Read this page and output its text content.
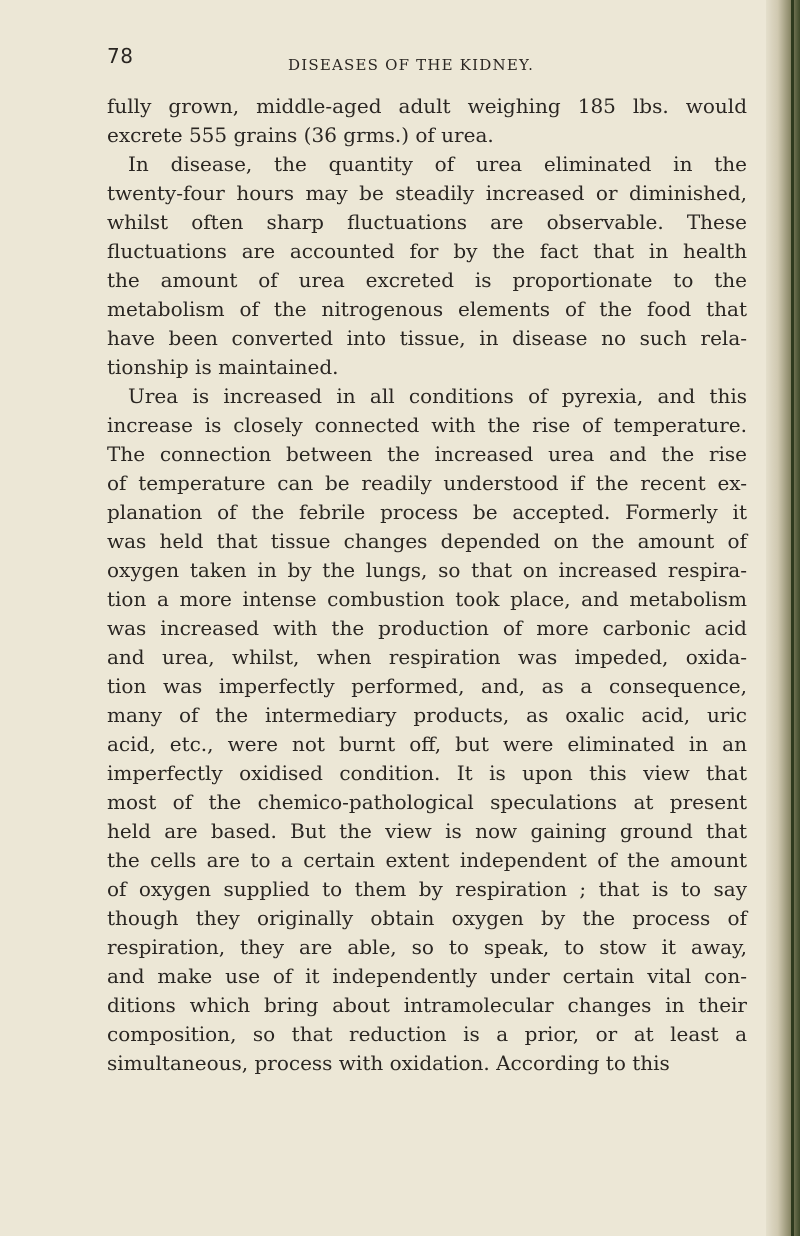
78	DISEASES OF THE KIDNEY.
fully grown, middle-aged adult weighing 185 lbs. would
excrete 555 grains (36 grms.) of urea.
In disease, the quantity of urea eliminated in the
twenty-four hours may be steadily increased or diminished,
whilst often sharp fluctuations are observable. These
fluctuations are accounted for by the fact that in health
the amount of urea excreted is proportionate to the
metabolism of the nitrogenous elements of the food that
have been converted into tissue, in disease no such rela-
tionship is maintained.
Urea is increased in all conditions of pyrexia, and this
increase is closely connected with the rise of temperature.
The connection between the increased urea and the rise
of temperature can be readily understood if the recent ex-
planation of the febrile process be accepted. Formerly it
was held that tissue changes depended on the amount of
oxygen taken in by the lungs, so that on increased respira-
tion a more intense combustion took place, and metabolism
was increased with the production of more carbonic acid
and urea, whilst, when respiration was impeded, oxida-
tion was imperfectly performed, and, as a consequence,
many of the intermediary products, as oxalic acid, uric
acid, etc., were not burnt off, but were eliminated in an
imperfectly oxidised condition. It is upon this view that
most of the chemico-pathological speculations at present
held are based. But the view is now gaining ground that
the cells are to a certain extent independent of the amount
of oxygen supplied to them by respiration ; that is to say
though they originally obtain oxygen by the process of
respiration, they are able, so to speak, to stow it away,
and make use of it independently under certain vital con-
ditions which bring about intramolecular changes in their
composition, so that reduction is a prior, or at least a
simultaneous, process with oxidation. According to this
